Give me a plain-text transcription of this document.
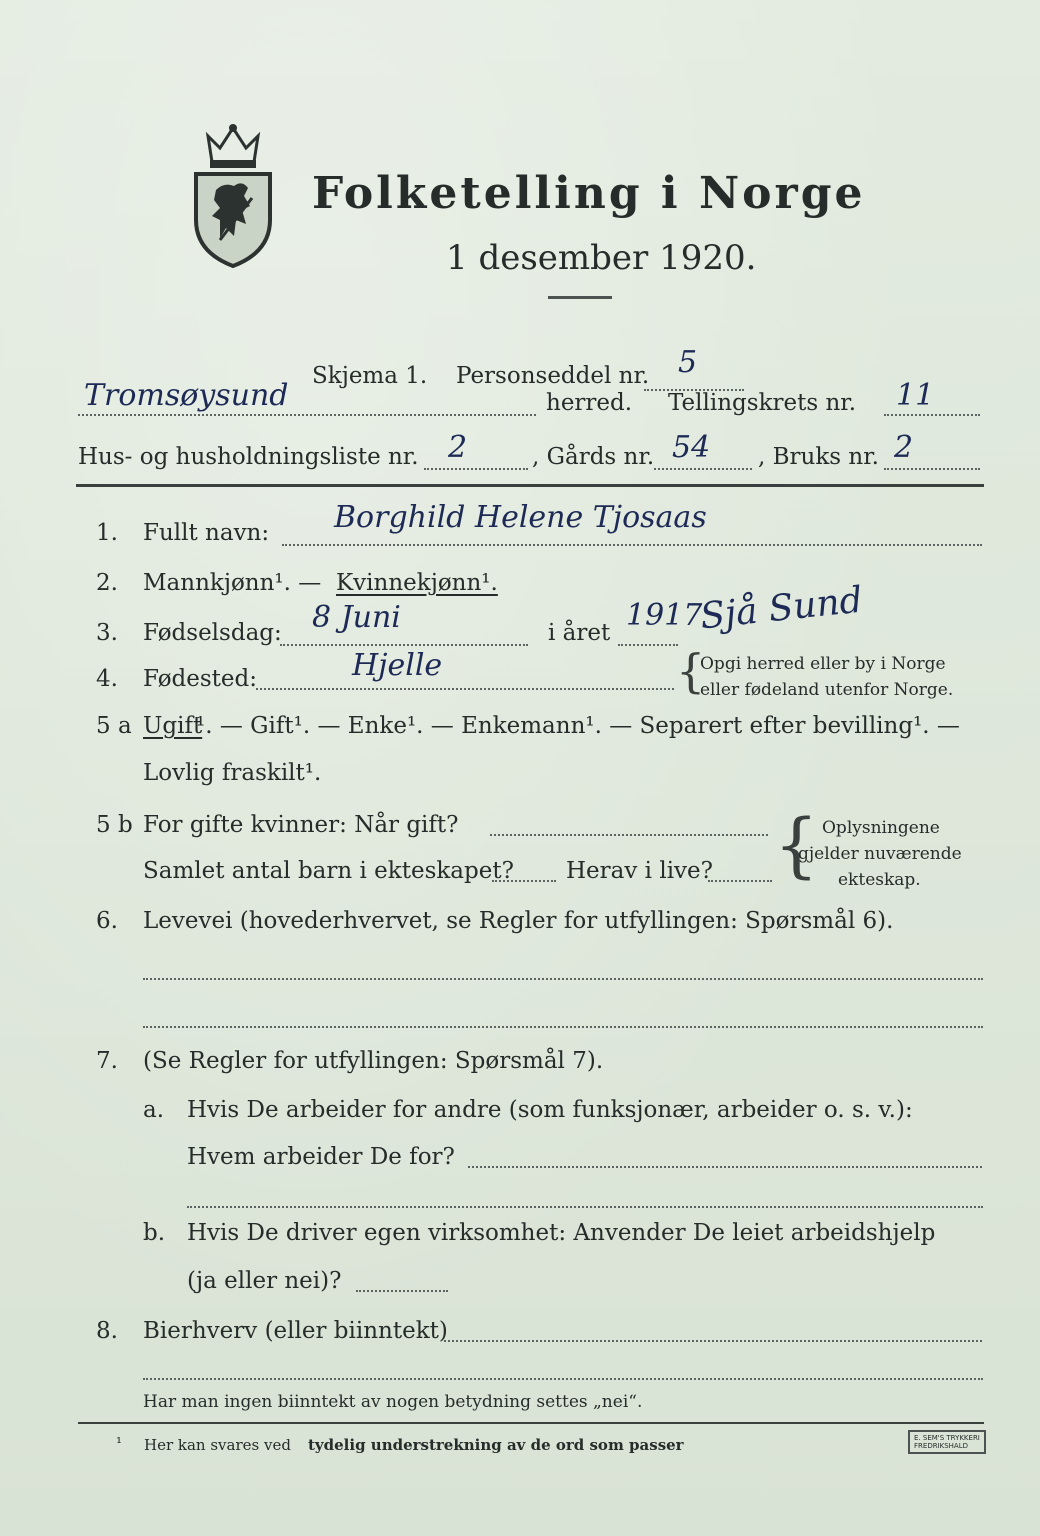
Folketelling i Norge
1 desember 1920.
Skjema 1. Personseddel nr. 5
Tromsøysund	herred. Tellingskrets nr. 11
Hus- og husholdningsliste nr. 2	, Gårds nr. 54 , Bruks nr. 2
1. Fullt navn: Borghild Helene Tjosaas
2. Mannkjønn¹. — Kvinnekjønn¹.
3. Fødselsdag: 8 Juni	i året 1917
Sjå Sund
4. Fødested:	Hjelle	{
Opgi herred eller by i Norge
eller fødeland utenfor Norge.
5 a Ugift
¹. — Gift¹. — Enke¹. — Enkemann¹. — Separert efter bevilling¹. —
Lovlig fraskilt¹.
5 b For gifte kvinner: Når gift?
Samlet antal barn i ekteskapet? Herav i live? { Oplysningene
gjelder nuværende
ekteskap.
6. Levevei (hovederhvervet, se Regler for utfyllingen: Spørsmål 6).
7. (Se Regler for utfyllingen: Spørsmål 7).
a. Hvis De arbeider for andre (som funksjonær, arbeider o. s. v.):
Hvem arbeider De for?
b. Hvis De driver egen virksomhet: Anvender De leiet arbeidshjelp
(ja eller nei)?
8. Bierhverv (eller biinntekt)
Har man ingen biinntekt av nogen betydning settes „nei“.
¹ Her kan svares ved tydelig understrekning av de ord som passer	E. SEM'S TRYKKERI
FREDRIKSHALD
